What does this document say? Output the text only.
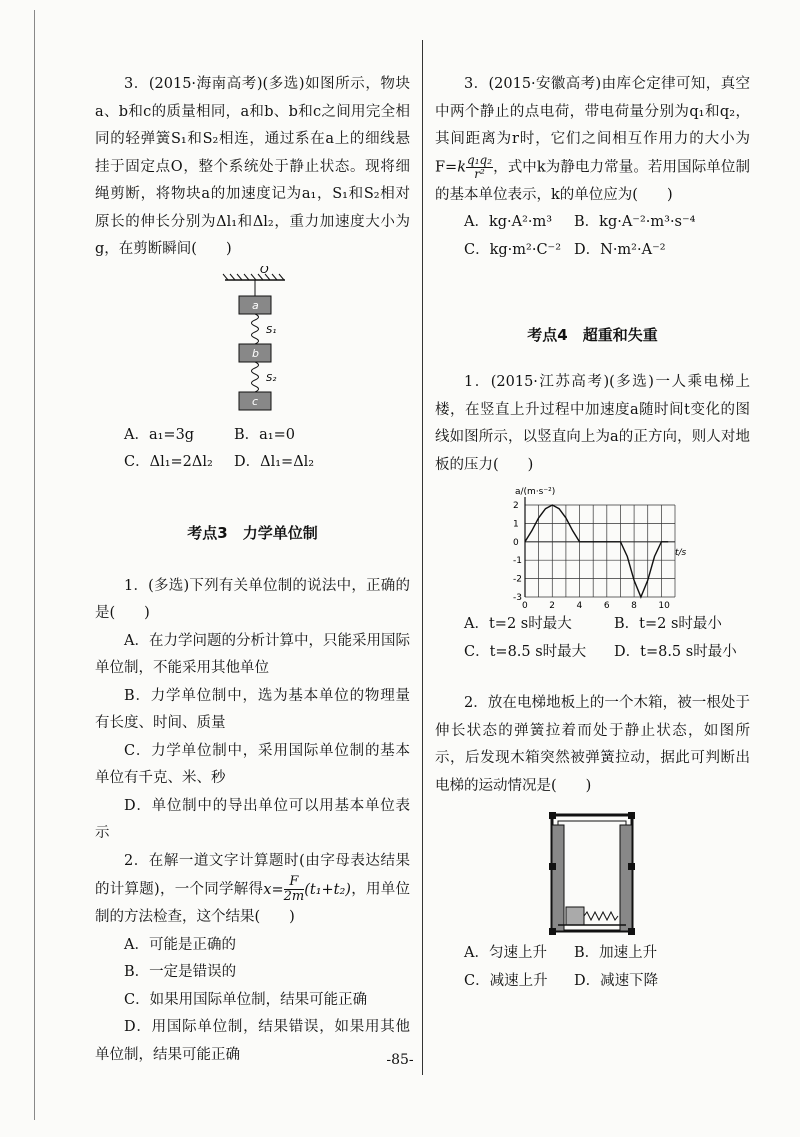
3．(2015·海南高考)(多选)如图所示，物块a、b和c的质量相同，a和b、b和c之间用完全相同的轻弹簧S₁和S₂相连，通过系在a上的细线悬挂于固定点O，整个系统处于静止状态。现将细绳剪断，将物块a的加速度记为a₁，S₁和S₂相对原长的伸长分别为Δl₁和Δl₂，重力加速度大小为g，在剪断瞬间(　　)

O
a
S₁
b
S₂
c
A．a₁=3g	B．a₁=0
C．Δl₁=2Δl₂	D．Δl₁=Δl₂

考点3　力学单位制

1．(多选)下列有关单位制的说法中，正确的是(　　)

A．在力学问题的分析计算中，只能采用国际单位制，不能采用其他单位

B．力学单位制中，选为基本单位的物理量有长度、时间、质量

C．力学单位制中，采用国际单位制的基本单位有千克、米、秒

D．单位制中的导出单位可以用基本单位表示

2．在解一道文字计算题时(由字母表达结果的计算题)，一个同学解得$x= \frac{F}{2m} (t_1+t_2)$，用单位制的方法检查，这个结果(　　)

A．可能是正确的

B．一定是错误的

C．如果用国际单位制，结果可能正确

D．用国际单位制，结果错误，如果用其他单位制，结果可能正确

3．(2015·安徽高考)由库仑定律可知，真空中两个静止的点电荷，带电荷量分别为q₁和q₂，其间距离为r时，它们之间相互作用力的大小为$F=k \frac{\text{q₁q₂}}{\text{r²}}$ ，式中k为静电力常量。若用国际单位制的基本单位表示，k的单位应为(　　)

A．kg·A²·m³	B．kg·A⁻²·m³·s⁻⁴
C．kg·m²·C⁻² D．N·m²·A⁻²

考点4　超重和失重

1．(2015·江苏高考)(多选)一人乘电梯上楼，在竖直上升过程中加速度a随时间t变化的图线如图所示，以竖直向上为a的正方向，则人对地板的压力(　　)

0 2 4 6 8 10
2
1
0
-1
-2
-3
a/(m·s⁻²)
t/s
A．t=2 s时最大	B．t=2 s时最小
C．t=8.5 s时最大	D．t=8.5 s时最小

2．放在电梯地板上的一个木箱，被一根处于伸长状态的弹簧拉着而处于静止状态，如图所示，后发现木箱突然被弹簧拉动，据此可判断出电梯的运动情况是(　　)

A．匀速上升	B．加速上升
C．减速上升	D．减速下降
-85-
